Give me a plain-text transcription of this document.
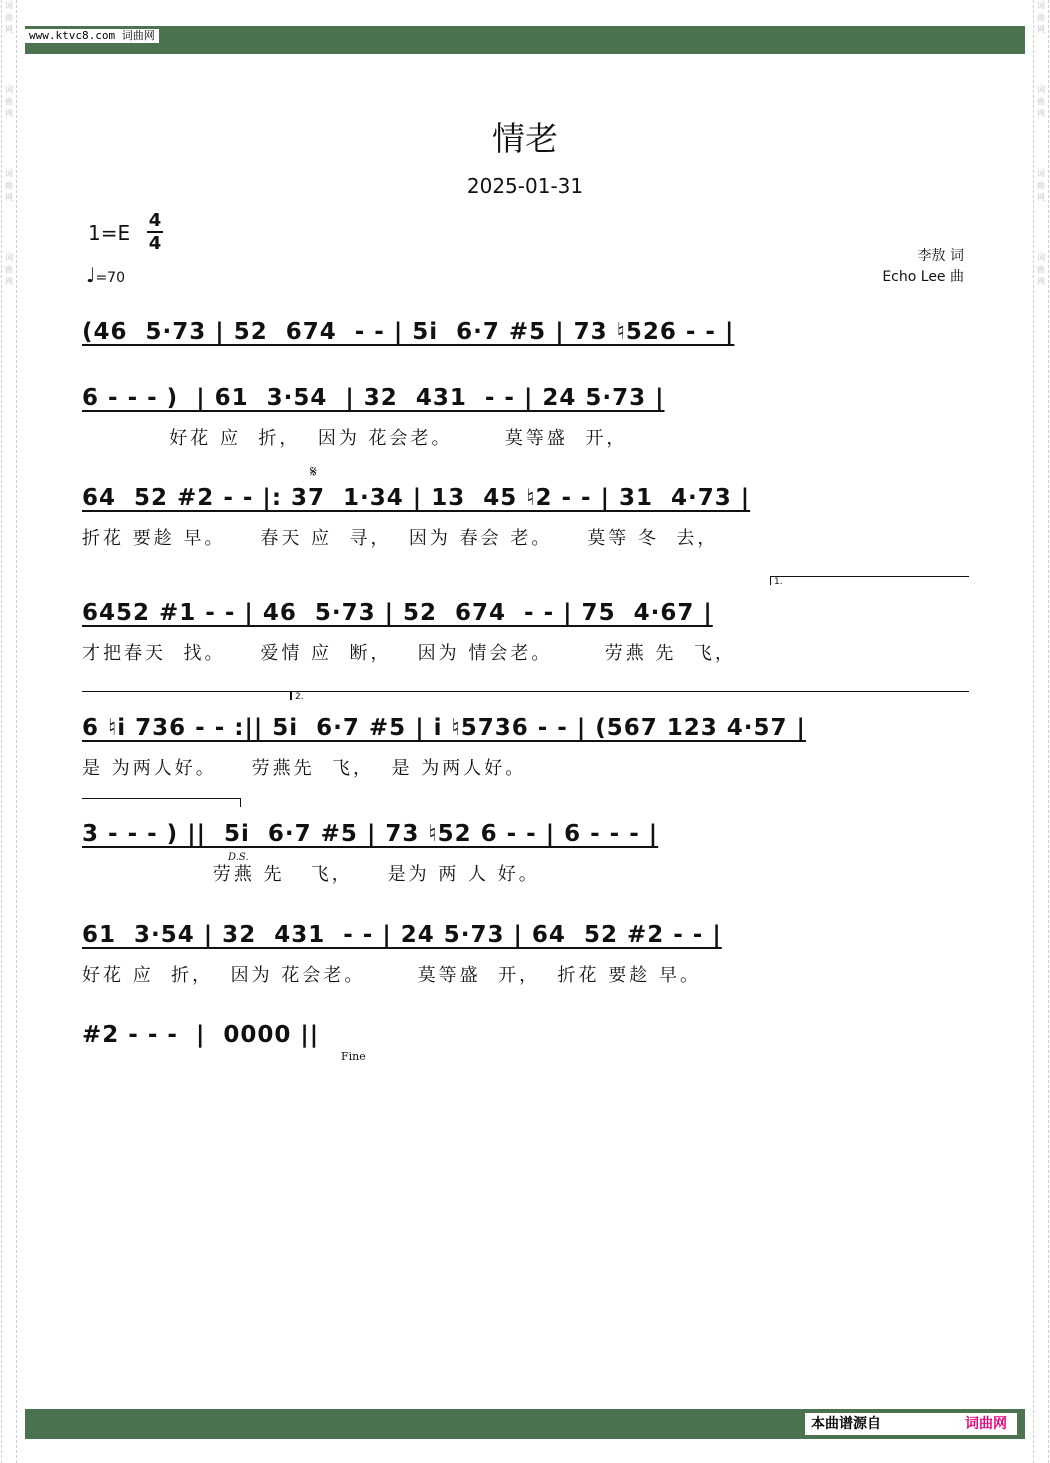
词曲网

词曲网

词曲网

词曲网
词曲网

词曲网

词曲网

词曲网
www.ktvc8.com 词曲网
情老
2025-01-31
1=E
4
4
♩=70
李敖 词
Echo Lee 曲
(46  5·73 | 52  674  - - | 5i  6·7 #5 | 73 ♮526 - - |
6 - - - )  | 61  3·54  | 32  431  - - | 24 5·73 |
好花 应  折，  因为 花会老。      莫等盛  开，
64  52 #2 - - |: 37  1·34 | 13  45 ♮2 - - | 31  4·73 |
折花 要趁 早。    春天 应  寻，  因为 春会 老。    莫等 冬  去，
𝄋
1.
6452 #1 - - | 46  5·73 | 52  674  - - | 75  4·67 |
才把春天  找。    爱情 应  断，   因为 情会老。      劳燕 先  飞，
2.
6 ♮i 736 - - :|| 5i  6·7 #5 | i ♮5736 - - | (567 123 4·57 |
是 为两人好。    劳燕先  飞，  是 为两人好。
3 - - - ) ||  5i  6·7 #5 | 73 ♮52 6 - - | 6 - - - |
劳燕 先   飞，    是为 两 人 好。
D.S.
61  3·54 | 32  431  - - | 24 5·73 | 64  52 #2 - - |
好花 应  折，  因为 花会老。      莫等盛  开，  折花 要趁 早。
#2 - - -  |  0000 ||
Fine
本曲谱源自	词曲网
